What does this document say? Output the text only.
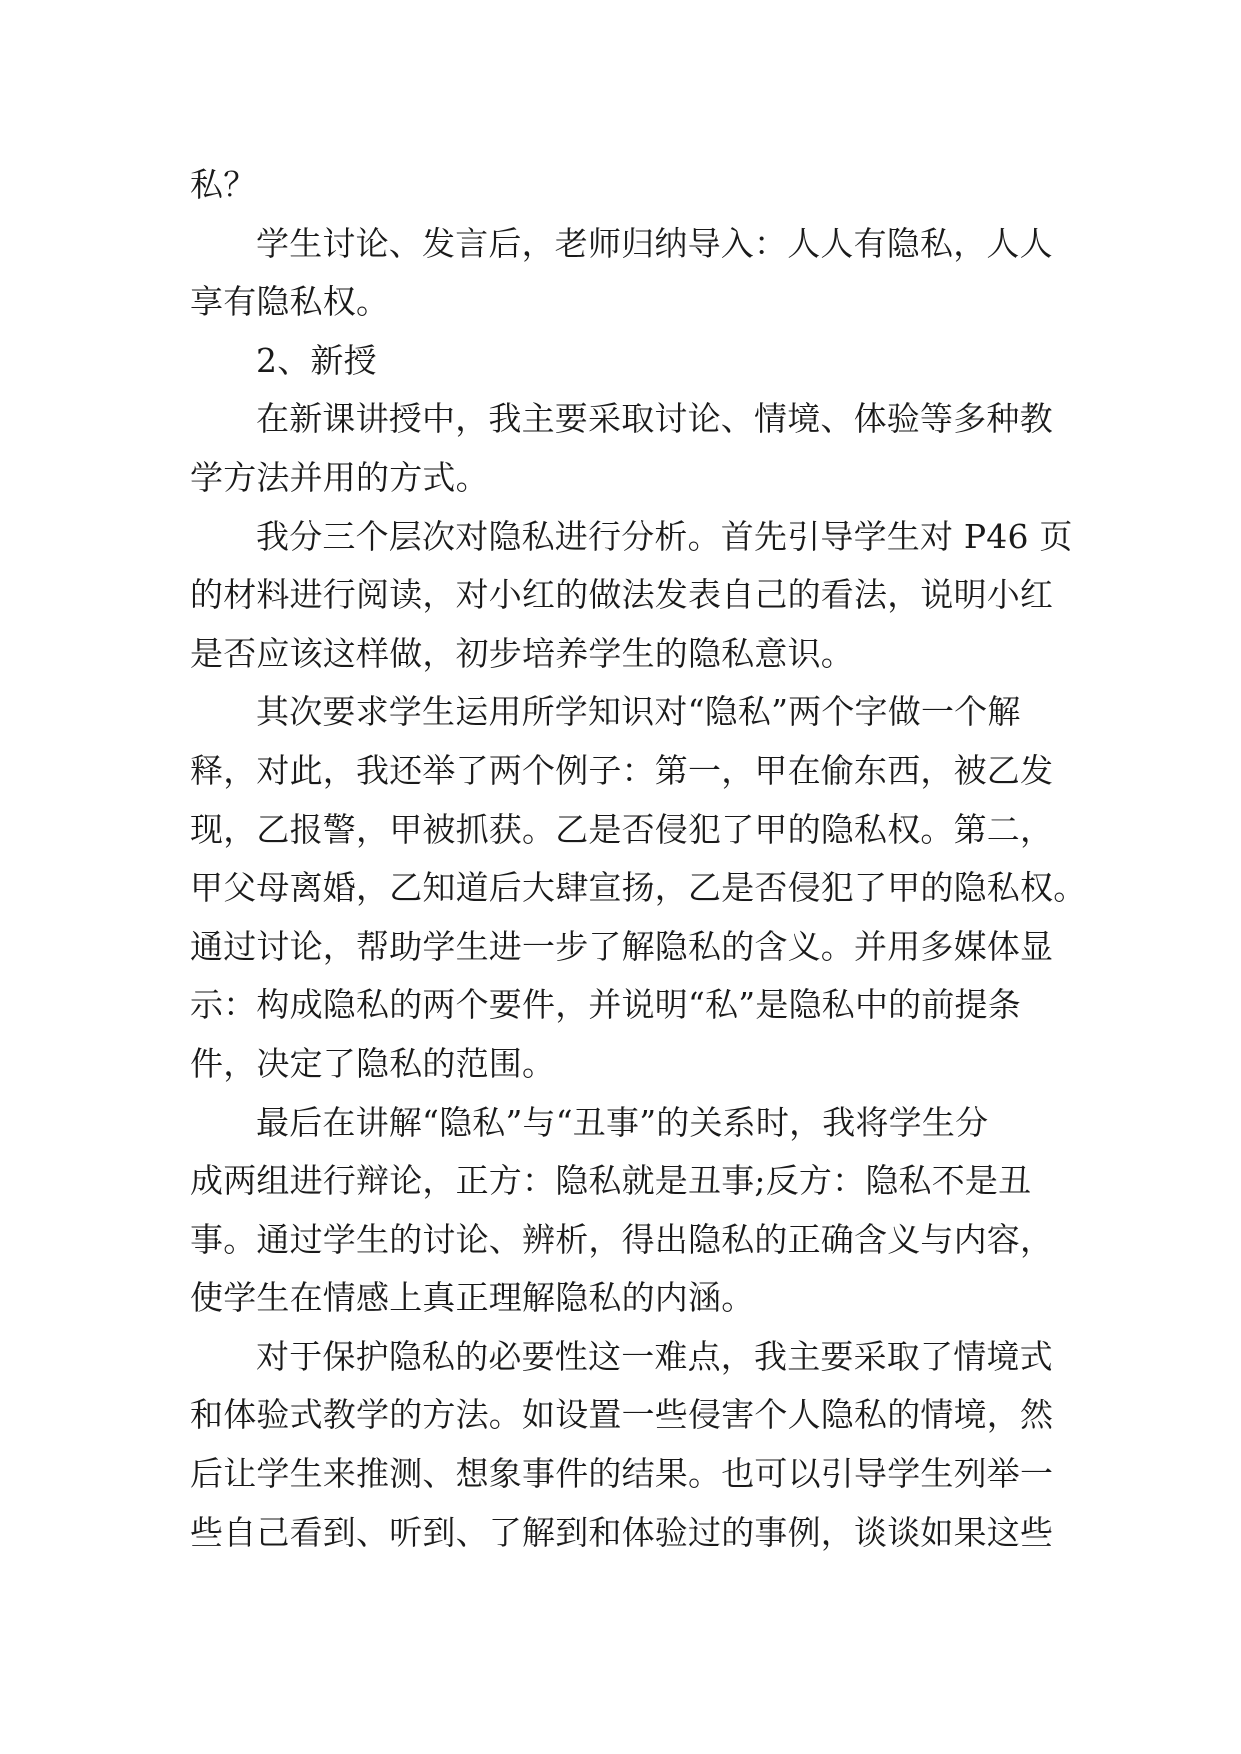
私？
学生讨论、发言后，老师归纳导入：人人有隐私，人人
享有隐私权。
2、新授
在新课讲授中，我主要采取讨论、情境、体验等多种教
学方法并用的方式。
我分三个层次对隐私进行分析。首先引导学生对 P46 页
的材料进行阅读，对小红的做法发表自己的看法，说明小红
是否应该这样做，初步培养学生的隐私意识。
其次要求学生运用所学知识对“隐私”两个字做一个解
释，对此，我还举了两个例子：第一，甲在偷东西，被乙发
现，乙报警，甲被抓获。乙是否侵犯了甲的隐私权。第二，
甲父母离婚，乙知道后大肆宣扬，乙是否侵犯了甲的隐私权。
通过讨论，帮助学生进一步了解隐私的含义。并用多媒体显
示：构成隐私的两个要件，并说明“私”是隐私中的前提条
件，决定了隐私的范围。
最后在讲解“隐私”与“丑事”的关系时，我将学生分
成两组进行辩论，正方：隐私就是丑事;反方：隐私不是丑
事。通过学生的讨论、辨析，得出隐私的正确含义与内容，
使学生在情感上真正理解隐私的内涵。
对于保护隐私的必要性这一难点，我主要采取了情境式
和体验式教学的方法。如设置一些侵害个人隐私的情境，然
后让学生来推测、想象事件的结果。也可以引导学生列举一
些自己看到、听到、了解到和体验过的事例，谈谈如果这些
